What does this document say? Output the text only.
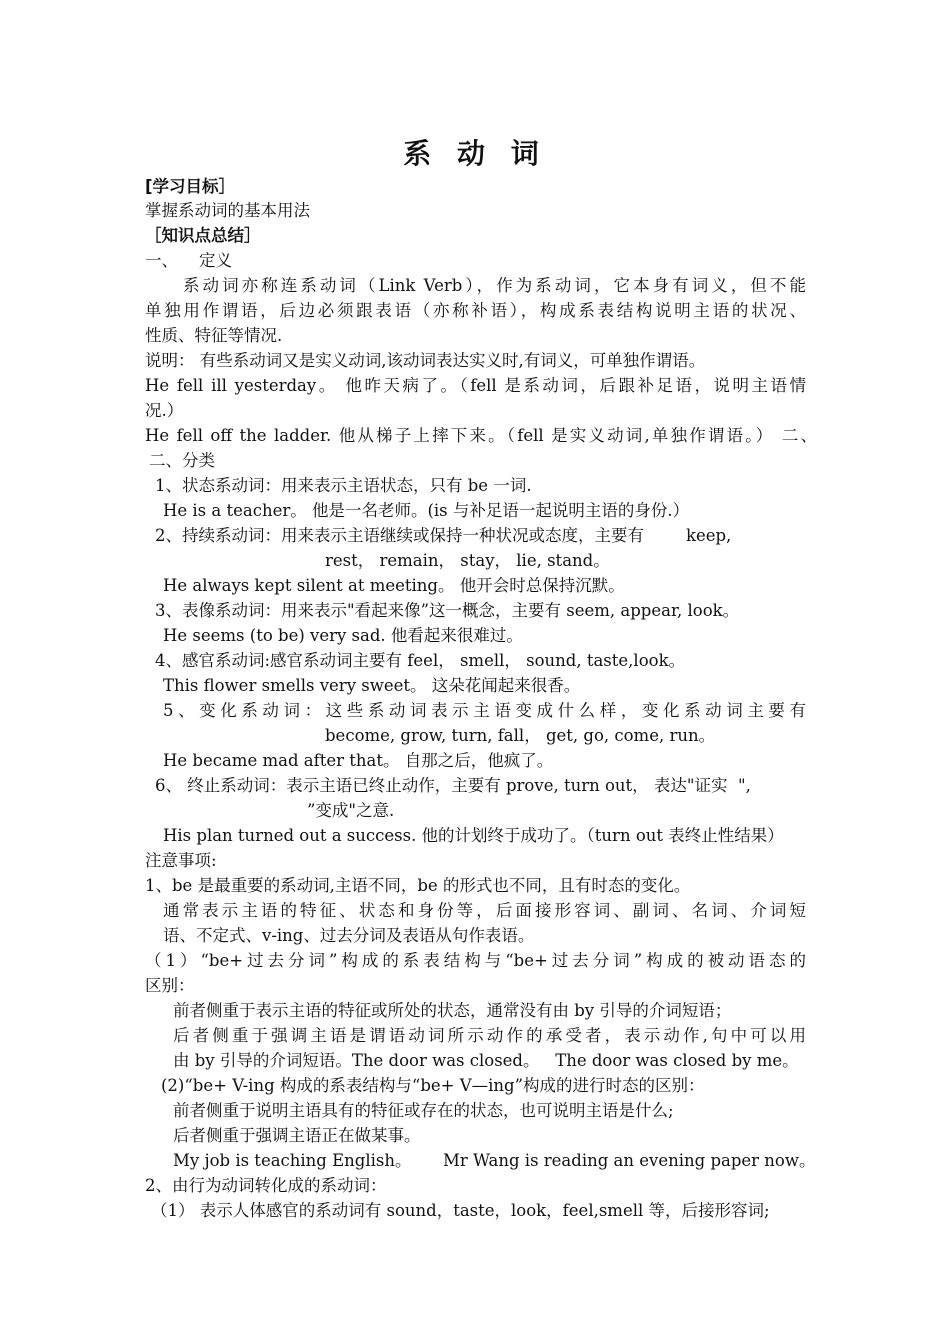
系 动 词
[学习目标］
掌握系动词的基本用法
［知识点总结］
一、    定义
系动词亦称连系动词（Link Verb），作为系动词，它本身有词义，但不能
单独用作谓语，后边必须跟表语（亦称补语），构成系表结构说明主语的状况、
性质、特征等情况.
说明： 有些系动词又是实义动词,该动词表达实义时,有词义，可单独作谓语。
He fell ill yesterday。 他昨天病了。（fell 是系动词，后跟补足语，说明主语情
况.）
He fell off the ladder. 他从梯子上摔下来。（fell 是实义动词,单独作谓语。） 二、
二、分类
1、状态系动词：用来表示主语状态，只有 be 一词.
He is a teacher。 他是一名老师。(is 与补足语一起说明主语的身份.）
2、持续系动词：用来表示主语继续或保持一种状况或态度，主要有        keep,
rest， remain， stay， lie, stand。
He always kept silent at meeting。 他开会时总保持沉默。
3、表像系动词：用来表示"看起来像”这一概念，主要有 seem, appear, look。
He seems (to be) very sad. 他看起来很难过。
4、感官系动词:感官系动词主要有 feel， smell， sound, taste,look。
This flower smells very sweet。 这朵花闻起来很香。
5、变化系动词：这些系动词表示主语变成什么样，变化系动词主要有
become, grow, turn, fall， get, go, come, run。
He became mad after that。 自那之后，他疯了。
6、 终止系动词：表示主语已终止动作，主要有 prove, turn out， 表达"证实  ",
”变成"之意.
His plan turned out a success. 他的计划终于成功了。（turn out 表终止性结果）
注意事项:
1、be 是最重要的系动词,主语不同，be 的形式也不同，且有时态的变化。
通常表示主语的特征、状态和身份等，后面接形容词、副词、名词、介词短
语、不定式、v-ing、过去分词及表语从句作表语。
（1）“be+过去分词”构成的系表结构与“be+过去分词”构成的被动语态的
区别：
前者侧重于表示主语的特征或所处的状态，通常没有由 by 引导的介词短语；
后者侧重于强调主语是谓语动词所示动作的承受者，表示动作,句中可以用
由 by 引导的介词短语。The door was closed。   The door was closed by me。
(2)“be+ V-ing 构成的系表结构与“be+ V—ing”构成的进行时态的区别：
前者侧重于说明主语具有的特征或存在的状态，也可说明主语是什么;
后者侧重于强调主语正在做某事。
My job is teaching English。      Mr Wang is reading an evening paper now。
2、由行为动词转化成的系动词：
（1） 表示人体感官的系动词有 sound，taste，look，feel,smell 等，后接形容词;
